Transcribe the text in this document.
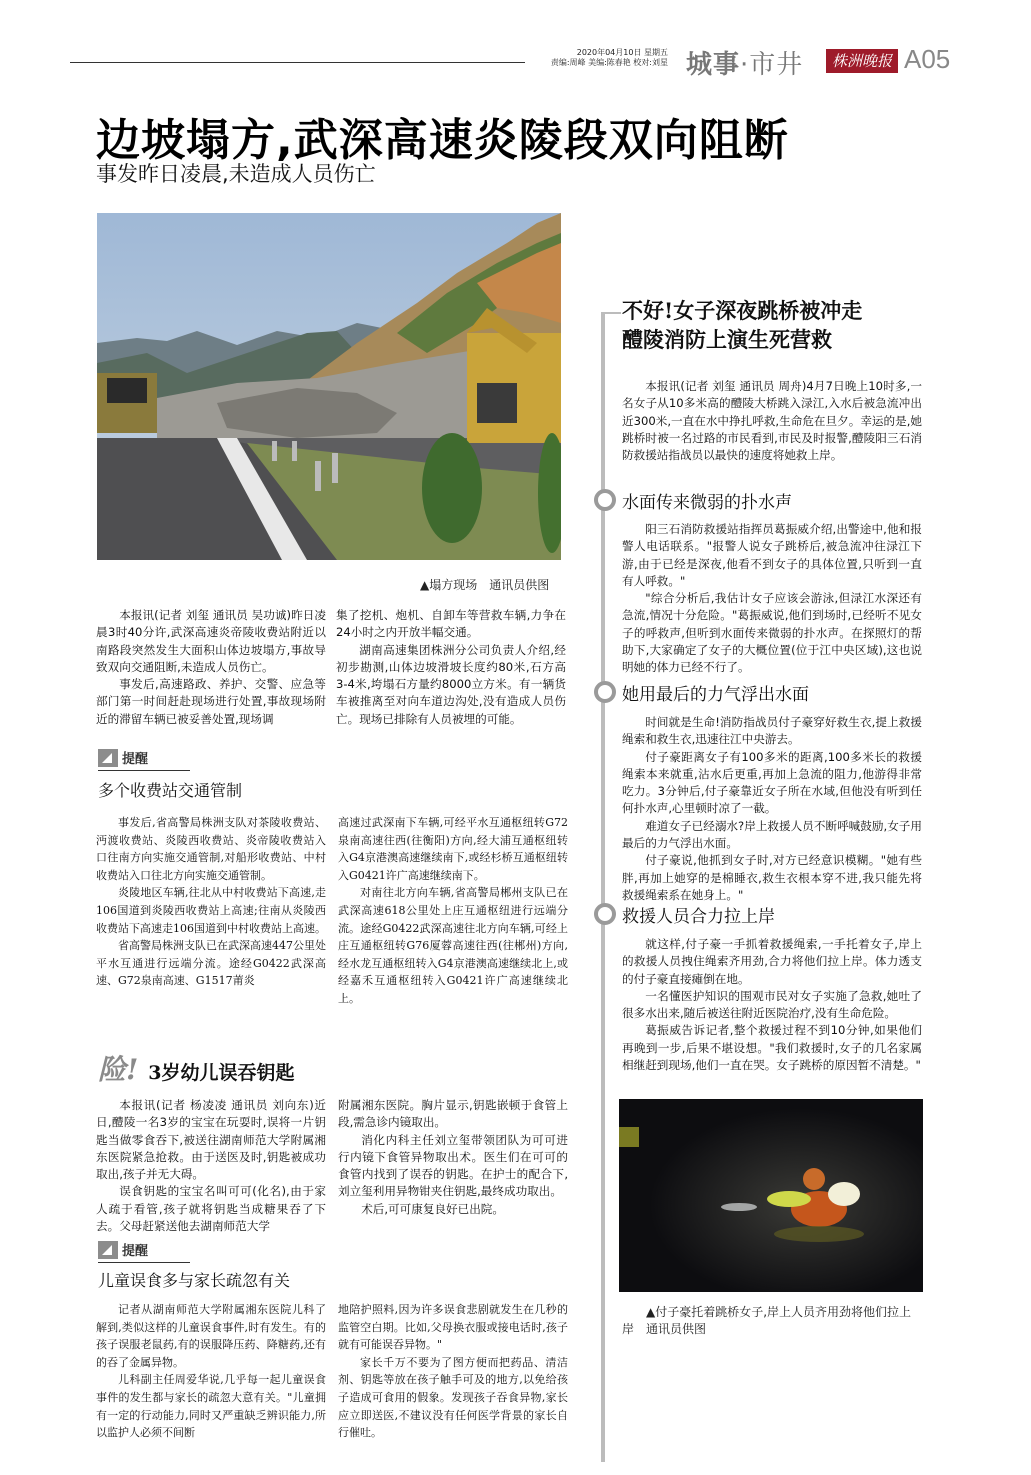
2020年04月10日 星期五
责编:周峰 美编:陈春艳 校对:刘星 城事·市井	株洲晚报 A05
边坡塌方,武深高速炎陵段双向阻断
事发昨日凌晨,未造成人员伤亡
▲塌方现场　通讯员供图

本报讯(记者 刘玺 通讯员 吴功诚)昨日凌晨3时40分许,武深高速炎帝陵收费站附近以南路段突然发生大面积山体边坡塌方,事故导致双向交通阻断,未造成人员伤亡。

事发后,高速路政、养护、交警、应急等部门第一时间赶赴现场进行处置,事故现场附近的滞留车辆已被妥善处置,现场调

集了挖机、炮机、自卸车等营救车辆,力争在24小时之内开放半幅交通。

湖南高速集团株洲分公司负责人介绍,经初步勘测,山体边坡滑坡长度约80米,石方高3-4米,垮塌石方量约8000立方米。有一辆货车被推离至对向车道边沟处,没有造成人员伤亡。现场已排除有人员被埋的可能。

提醒
多个收费站交通管制

事发后,省高警局株洲支队对茶陵收费站、沔渡收费站、炎陵西收费站、炎帝陵收费站入口往南方向实施交通管制,对船形收费站、中村收费站入口往北方向实施交通管制。

炎陵地区车辆,往北从中村收费站下高速,走106国道到炎陵西收费站上高速;往南从炎陵西收费站下高速走106国道到中村收费站上高速。

省高警局株洲支队已在武深高速447公里处平水互通进行远端分流。途经G0422武深高速、G72泉南高速、G1517莆炎

高速过武深南下车辆,可经平水互通枢纽转G72泉南高速往西(往衡阳)方向,经大浦互通枢纽转入G4京港澳高速继续南下,或经杉桥互通枢纽转入G0421许广高速继续南下。

对南往北方向车辆,省高警局郴州支队已在武深高速618公里处上庄互通枢纽进行远端分流。途经G0422武深高速往北方向车辆,可经上庄互通枢纽转G76厦蓉高速往西(往郴州)方向,经水龙互通枢纽转入G4京港澳高速继续北上,或经嘉禾互通枢纽转入G0421许广高速继续北上。

险! 3岁幼儿误吞钥匙

本报讯(记者 杨凌凌 通讯员 刘向东)近日,醴陵一名3岁的宝宝在玩耍时,误将一片钥匙当做零食吞下,被送往湖南师范大学附属湘东医院紧急抢救。由于送医及时,钥匙被成功取出,孩子并无大碍。

误食钥匙的宝宝名叫可可(化名),由于家人疏于看管,孩子就将钥匙当成糖果吞了下去。父母赶紧送他去湖南师范大学

附属湘东医院。胸片显示,钥匙嵌顿于食管上段,需急诊内镜取出。

消化内科主任刘立玺带领团队为可可进行内镜下食管异物取出术。医生们在可可的食管内找到了误吞的钥匙。在护士的配合下,刘立玺利用异物钳夹住钥匙,最终成功取出。

术后,可可康复良好已出院。

提醒
儿童误食多与家长疏忽有关

记者从湖南师范大学附属湘东医院儿科了解到,类似这样的儿童误食事件,时有发生。有的孩子误服老鼠药,有的误服降压药、降糖药,还有的吞了金属异物。

儿科副主任周爱华说,几乎每一起儿童误食事件的发生都与家长的疏忽大意有关。"儿童拥有一定的行动能力,同时又严重缺乏辨识能力,所以监护人必须不间断

地陪护照料,因为许多误食悲剧就发生在几秒的监管空白期。比如,父母换衣服或接电话时,孩子就有可能误吞异物。"

家长千万不要为了图方便而把药品、清洁剂、钥匙等放在孩子触手可及的地方,以免给孩子造成可食用的假象。发现孩子吞食异物,家长应立即送医,不建议没有任何医学背景的家长自行催吐。

不好!女子深夜跳桥被冲走
醴陵消防上演生死营救

本报讯(记者 刘玺 通讯员 周舟)4月7日晚上10时多,一名女子从10多米高的醴陵大桥跳入渌江,入水后被急流冲出近300米,一直在水中挣扎呼救,生命危在旦夕。幸运的是,她跳桥时被一名过路的市民看到,市民及时报警,醴陵阳三石消防救援站指战员以最快的速度将她救上岸。

水面传来微弱的扑水声

阳三石消防救援站指挥员葛振威介绍,出警途中,他和报警人电话联系。"报警人说女子跳桥后,被急流冲往渌江下游,由于已经是深夜,他看不到女子的具体位置,只听到一直有人呼救。"

"综合分析后,我估计女子应该会游泳,但渌江水深还有急流,情况十分危险。"葛振威说,他们到场时,已经听不见女子的呼救声,但听到水面传来微弱的扑水声。在探照灯的帮助下,大家确定了女子的大概位置(位于江中央区域),这也说明她的体力已经不行了。

她用最后的力气浮出水面

时间就是生命!消防指战员付子豪穿好救生衣,提上救援绳索和救生衣,迅速往江中央游去。

付子豪距离女子有100多米的距离,100多米长的救援绳索本来就重,沾水后更重,再加上急流的阻力,他游得非常吃力。3分钟后,付子豪靠近女子所在水域,但他没有听到任何扑水声,心里顿时凉了一截。

难道女子已经溺水?岸上救援人员不断呼喊鼓励,女子用最后的力气浮出水面。

付子豪说,他抓到女子时,对方已经意识模糊。"她有些胖,再加上她穿的是棉睡衣,救生衣根本穿不进,我只能先将救援绳索系在她身上。"

救援人员合力拉上岸

就这样,付子豪一手抓着救援绳索,一手托着女子,岸上的救援人员拽住绳索齐用劲,合力将他们拉上岸。体力透支的付子豪直接瘫倒在地。

一名懂医护知识的围观市民对女子实施了急救,她吐了很多水出来,随后被送往附近医院治疗,没有生命危险。

葛振威告诉记者,整个救援过程不到10分钟,如果他们再晚到一步,后果不堪设想。"我们救援时,女子的几名家属相继赶到现场,他们一直在哭。女子跳桥的原因暂不清楚。"

▲付子豪托着跳桥女子,岸上人员齐用劲将他们拉上岸　通讯员供图
